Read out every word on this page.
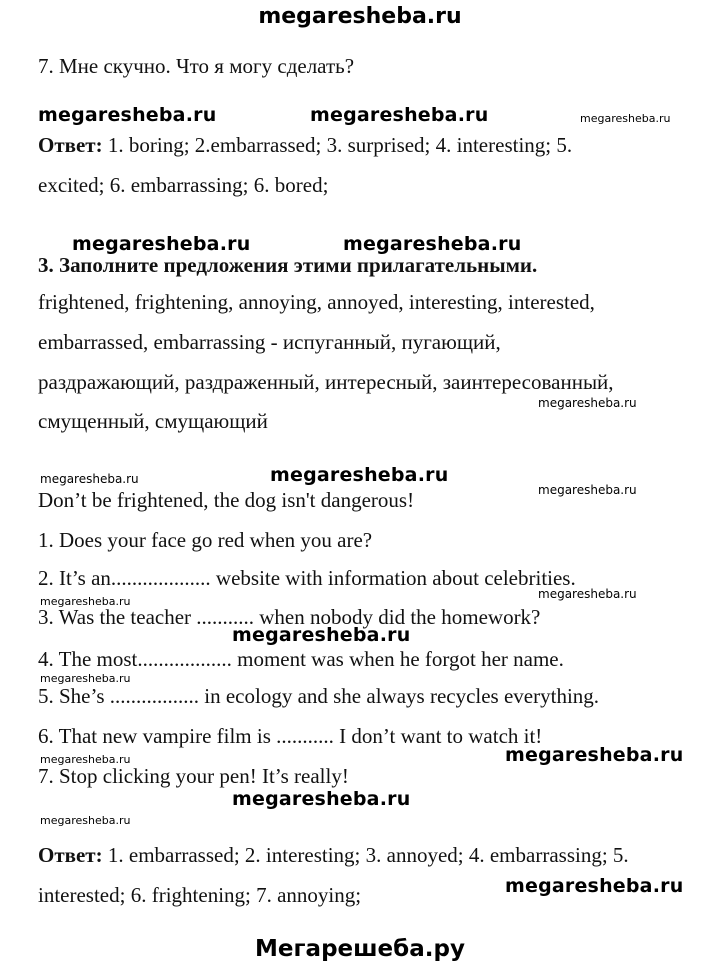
megaresheba.ru
7. Мне скучно. Что я могу сделать?
megaresheba.ru	megaresheba.ru	megaresheba.ru
Ответ: 1. boring; 2.embarrassed; 3. surprised; 4. interesting; 5.
excited; 6. embarrassing; 6. bored;
megaresheba.ru	megaresheba.ru
3. Заполните предложения этими прилагательными.
frightened, frightening, annoying, annoyed, interesting, interested,
embarrassed, embarrassing - испуганный, пугающий,
раздражающий, раздраженный, интересный, заинтересованный,
megaresheba.ru
смущенный, смущающий
megaresheba.ru	megaresheba.ru
megaresheba.ru
Don’t be frightened, the dog isn't dangerous!
1. Does your face go red when you are?
2. It’s an................... website with information about celebrities.
megaresheba.ru
megaresheba.ru
3. Was the teacher ........... when nobody did the homework?
megaresheba.ru
4. The most.................. moment was when he forgot her name.
megaresheba.ru
5. She’s ................. in ecology and she always recycles everything.
6. That new vampire film is ........... I don’t want to watch it!
megaresheba.ru	megaresheba.ru
7. Stop clicking your pen! It’s really!
megaresheba.ru
megaresheba.ru
Ответ: 1. embarrassed; 2. interesting; 3. annoyed; 4. embarrassing; 5.
megaresheba.ru
interested; 6. frightening; 7. annoying;
Мегарешеба.ру
